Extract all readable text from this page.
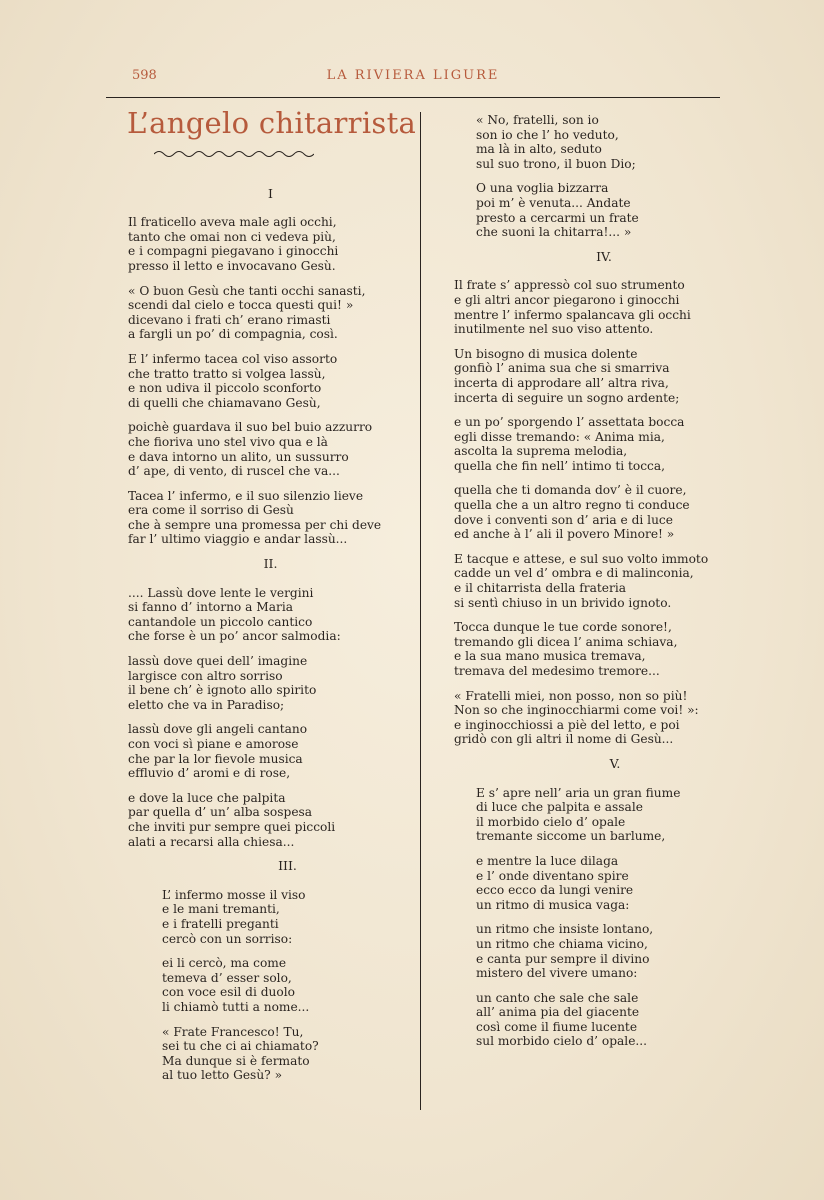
598	LA RIVIERA LIGURE
L’angelo chitarrista
I
Il fraticello aveva male agli occhi,
tanto che omai non ci vedeva più,
e i compagni piegavano i ginocchi
presso il letto e invocavano Gesù.
« O buon Gesù che tanti occhi sanasti,
scendi dal cielo e tocca questi qui! »
dicevano i frati ch’ erano rimasti
a fargli un po’ di compagnia, così.
E l’ infermo tacea col viso assorto
che tratto tratto si volgea lassù,
e non udiva il piccolo sconforto
di quelli che chiamavano Gesù,
poichè guardava il suo bel buio azzurro
che fioriva uno stel vivo qua e là
e dava intorno un alito, un sussurro
d’ ape, di vento, di ruscel che va...
Tacea l’ infermo, e il suo silenzio lieve
era come il sorriso di Gesù
che à sempre una promessa per chi deve
far l’ ultimo viaggio e andar lassù...
II.
.... Lassù dove lente le vergini
si fanno d’ intorno a Maria
cantandole un piccolo cantico
che forse è un po’ ancor salmodia:
lassù dove quei dell’ imagine
largisce con altro sorriso
il bene ch’ è ignoto allo spirito
eletto che va in Paradiso;
lassù dove gli angeli cantano
con voci sì piane e amorose
che par la lor fievole musica
effluvio d’ aromi e di rose,
e dove la luce che palpita
par quella d’ un’ alba sospesa
che inviti pur sempre quei piccoli
alati a recarsi alla chiesa...
III.
L’ infermo mosse il viso
e le mani tremanti,
e i fratelli preganti
cercò con un sorriso:
ei li cercò, ma come
temeva d’ esser solo,
con voce esil di duolo
li chiamò tutti a nome...
« Frate Francesco! Tu,
sei tu che ci ai chiamato?
Ma dunque si è fermato
al tuo letto Gesù? »
« No, fratelli, son io
son io che l’ ho veduto,
ma là in alto, seduto
sul suo trono, il buon Dio;
O una voglia bizzarra
poi m’ è venuta... Andate
presto a cercarmi un frate
che suoni la chitarra!... »
IV.
Il frate s’ appressò col suo strumento
e gli altri ancor piegarono i ginocchi
mentre l’ infermo spalancava gli occhi
inutilmente nel suo viso attento.
Un bisogno di musica dolente
gonfiò l’ anima sua che si smarriva
incerta di approdare all’ altra riva,
incerta di seguire un sogno ardente;
e un po’ sporgendo l’ assettata bocca
egli disse tremando: « Anima mia,
ascolta la suprema melodia,
quella che fin nell’ intimo ti tocca,
quella che ti domanda dov’ è il cuore,
quella che a un altro regno ti conduce
dove i conventi son d’ aria e di luce
ed anche à l’ ali il povero Minore! »
E tacque e attese, e sul suo volto immoto
cadde un vel d’ ombra e di malinconia,
e il chitarrista della frateria
si sentì chiuso in un brivido ignoto.
Tocca dunque le tue corde sonore!,
tremando gli dicea l’ anima schiava,
e la sua mano musica tremava,
tremava del medesimo tremore...
« Fratelli miei, non posso, non so più!
Non so che inginocchiarmi come voi! »:
e inginocchiossi a piè del letto, e poi
gridò con gli altri il nome di Gesù...
V.
E s’ apre nell’ aria un gran fiume
di luce che palpita e assale
il morbido cielo d’ opale
tremante siccome un barlume,
e mentre la luce dilaga
e l’ onde diventano spire
ecco ecco da lungi venire
un ritmo di musica vaga:
un ritmo che insiste lontano,
un ritmo che chiama vicino,
e canta pur sempre il divino
mistero del vivere umano:
un canto che sale che sale
all’ anima pia del giacente
così come il fiume lucente
sul morbido cielo d’ opale...
